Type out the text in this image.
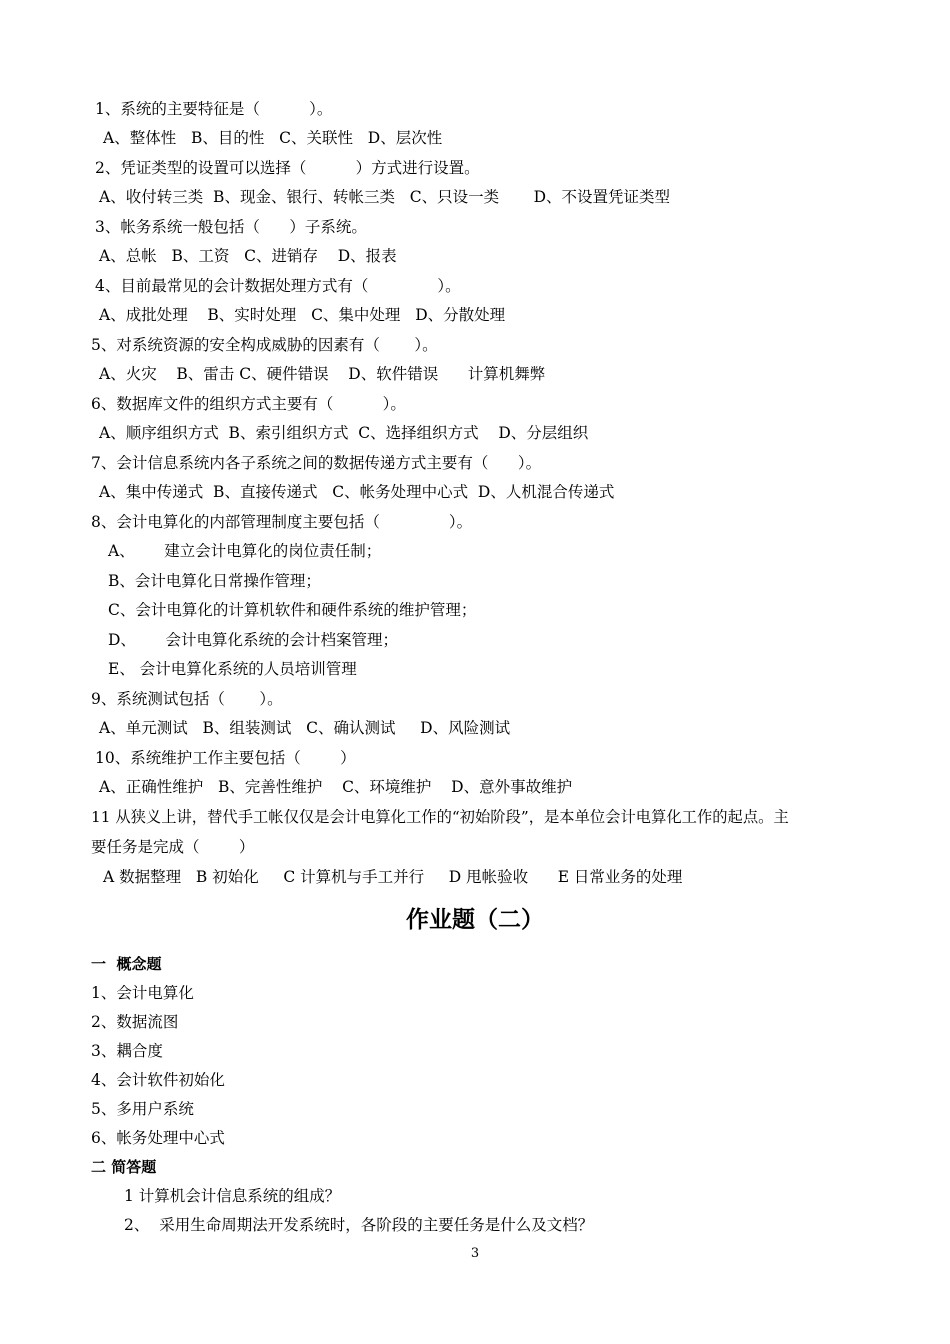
1、系统的主要特征是（          ）。
A、整体性   B、目的性   C、关联性   D、层次性
2、凭证类型的设置可以选择（          ）方式进行设置。
A、收付转三类  B、现金、银行、转帐三类   C、只设一类       D、不设置凭证类型
3、帐务系统一般包括（      ）子系统。
A、总帐   B、工资   C、进销存    D、报表
4、目前最常见的会计数据处理方式有（              ）。
A、成批处理    B、实时处理   C、集中处理   D、分散处理
5、对系统资源的安全构成威胁的因素有（       ）。
A、火灾    B、雷击 C、硬件错误    D、软件错误      计算机舞弊
6、数据库文件的组织方式主要有（          ）。
A、顺序组织方式  B、索引组织方式  C、选择组织方式    D、分层组织
7、会计信息系统内各子系统之间的数据传递方式主要有（      ）。
A、集中传递式  B、直接传递式   C、帐务处理中心式  D、人机混合传递式
8、会计电算化的内部管理制度主要包括（              ）。
A、      建立会计电算化的岗位责任制；
B、会计电算化日常操作管理；
C、会计电算化的计算机软件和硬件系统的维护管理；
D、      会计电算化系统的会计档案管理；
E、 会计电算化系统的人员培训管理
9、系统测试包括（       ）。
A、单元测试   B、组装测试   C、确认测试     D、风险测试
10、系统维护工作主要包括（        ）
A、正确性维护   B、完善性维护    C、环境维护    D、意外事故维护
11 从狭义上讲，替代手工帐仅仅是会计电算化工作的“初始阶段”，是本单位会计电算化工作的起点。主
要任务是完成（        ）
A 数据整理   B 初始化     C 计算机与手工并行     D 甩帐验收      E 日常业务的处理
作业题（二）
一  概念题
1、会计电算化
2、数据流图
3、耦合度
4、会计软件初始化
5、多用户系统
6、帐务处理中心式
二 简答题
1 计算机会计信息系统的组成？
2、  采用生命周期法开发系统时，各阶段的主要任务是什么及文档？
3
